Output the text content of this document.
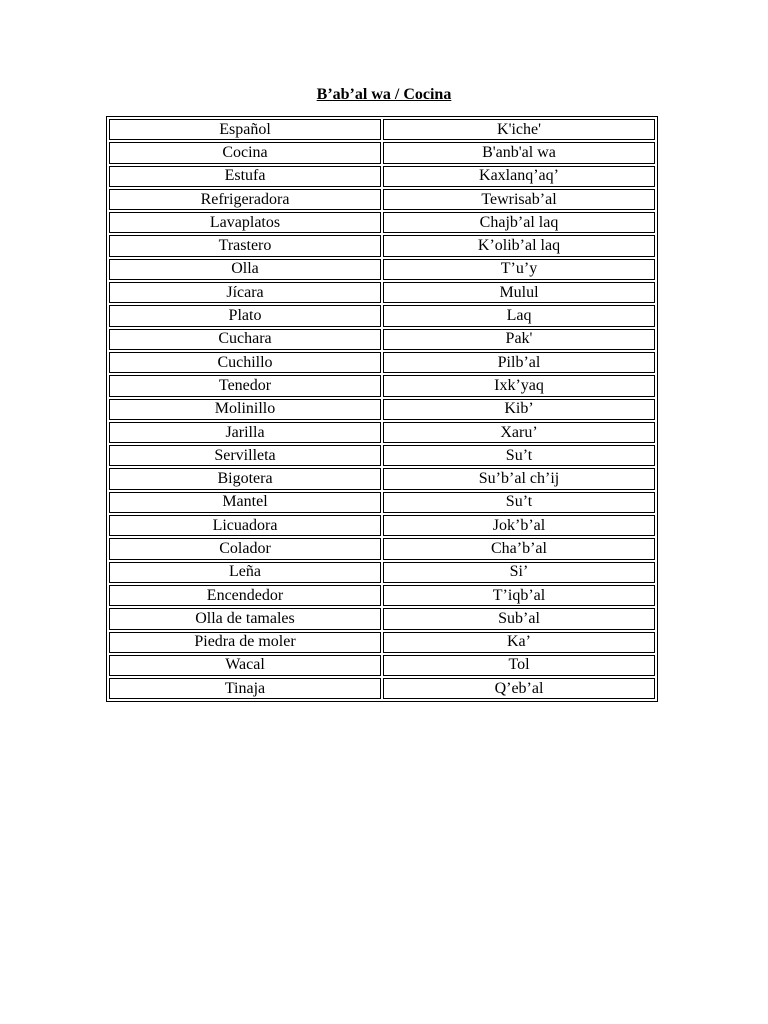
B’ab’al wa / Cocina
Español	K'iche'
Cocina	B'anb'al wa
Estufa	Kaxlanq’aq’
Refrigeradora	Tewrisab’al
Lavaplatos	Chajb’al laq
Trastero	K’olib’al laq
Olla	T’u’y
Jícara	Mulul
Plato	Laq
Cuchara	Pak'
Cuchillo	Pilb’al
Tenedor	Ixk’yaq
Molinillo	Kib’
Jarilla	Xaru’
Servilleta	Su’t
Bigotera	Su’b’al ch’ij
Mantel	Su’t
Licuadora	Jok’b’al
Colador	Cha’b’al
Leña	Si’
Encendedor	T’iqb’al
Olla de tamales	Sub’al
Piedra de moler	Ka’
Wacal	Tol
Tinaja	Q’eb’al
